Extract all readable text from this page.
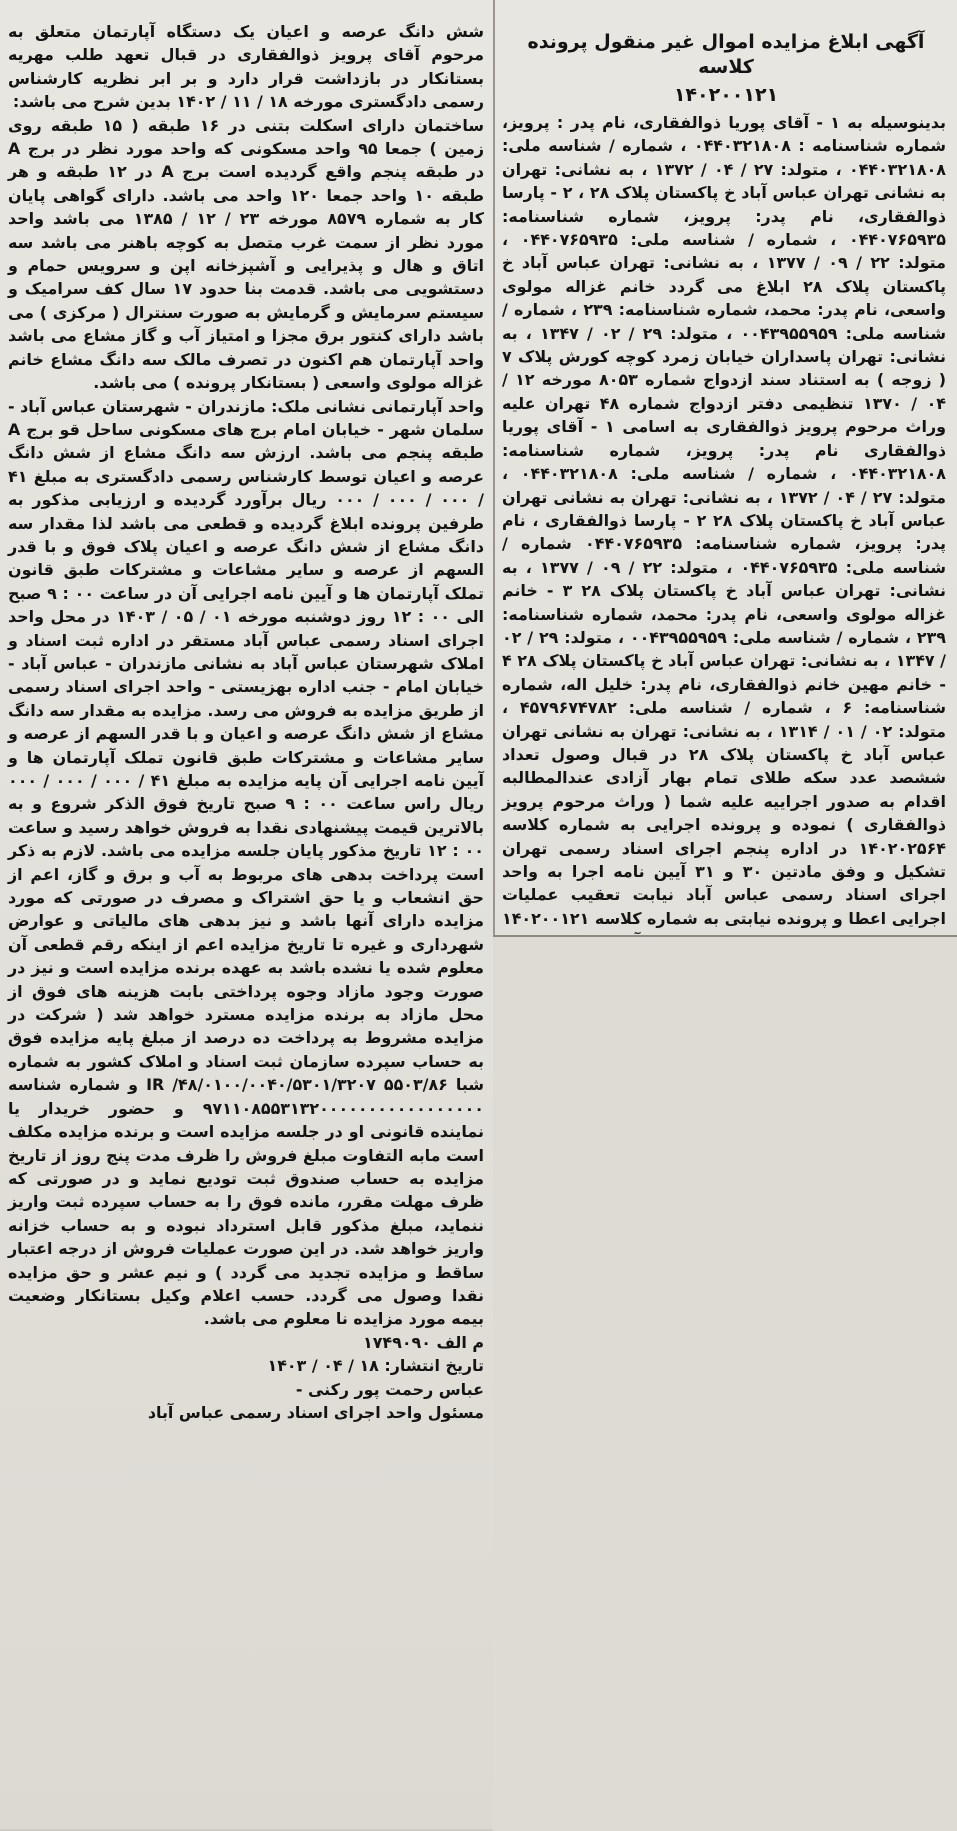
آگهی ابلاغ مزایده اموال غیر منقول پرونده کلاسه
۱۴۰۲۰۰۱۲۱

بدینوسیله به ۱ - آقای پوریا ذوالفقاری، نام پدر : پرویز، شماره شناسنامه : ۰۴۴۰۳۲۱۸۰۸ ، شماره / شناسه ملی: ۰۴۴۰۳۲۱۸۰۸ ، متولد: ۲۷ / ۰۴ / ۱۳۷۲ ، به نشانی: تهران به نشانی تهران عباس آباد خ پاکستان پلاک ۲۸ ، ۲ - پارسا ذوالفقاری، نام پدر: پرویز، شماره شناسنامه: ۰۴۴۰۷۶۵۹۳۵ ، شماره / شناسه ملی: ۰۴۴۰۷۶۵۹۳۵ ، متولد: ۲۲ / ۰۹ / ۱۳۷۷ ، به نشانی: تهران عباس آباد خ پاکستان پلاک ۲۸ ابلاغ می گردد خانم غزاله مولوی واسعی، نام پدر: محمد، شماره شناسنامه: ۲۳۹ ، شماره / شناسه ملی: ۰۰۴۳۹۵۵۹۵۹ ، متولد: ۲۹ / ۰۲ / ۱۳۴۷ ، به نشانی: تهران پاسداران خیابان زمرد کوچه کورش پلاک ۷ ( زوجه ) به استناد سند ازدواج شماره ۸۰۵۳ مورخه ۱۲ / ۰۴ / ۱۳۷۰ تنظیمی دفتر ازدواج شماره ۴۸ تهران علیه وراث مرحوم پرویز ذوالفقاری به اسامی ۱ - آقای پوریا ذوالفقاری نام پدر: پرویز، شماره شناسنامه: ۰۴۴۰۳۲۱۸۰۸ ، شماره / شناسه ملی: ۰۴۴۰۳۲۱۸۰۸ ، متولد: ۲۷ / ۰۴ / ۱۳۷۲ ، به نشانی: تهران به نشانی تهران عباس آباد خ پاکستان پلاک ۲۸ ۲ - پارسا ذوالفقاری ، نام پدر: پرویز، شماره شناسنامه: ۰۴۴۰۷۶۵۹۳۵ شماره / شناسه ملی: ۰۴۴۰۷۶۵۹۳۵ ، متولد: ۲۲ / ۰۹ / ۱۳۷۷ ، به نشانی: تهران عباس آباد خ پاکستان پلاک ۲۸ ۳ - خانم غزاله مولوی واسعی، نام پدر: محمد، شماره شناسنامه: ۲۳۹ ، شماره / شناسه ملی: ۰۰۴۳۹۵۵۹۵۹ ، متولد: ۲۹ / ۰۲ / ۱۳۴۷ ، به نشانی: تهران عباس آباد خ پاکستان پلاک ۲۸ ۴ - خانم مهین خانم ذوالفقاری، نام پدر: خلیل اله، شماره شناسنامه: ۶ ، شماره / شناسه ملی: ۴۵۷۹۶۷۴۷۸۲ ، متولد: ۰۲ / ۰۱ / ۱۳۱۴ ، به نشانی: تهران به نشانی تهران عباس آباد خ پاکستان پلاک ۲۸ در قبال وصول تعداد ششصد عدد سکه طلای تمام بهار آزادی عندالمطالبه اقدام به صدور اجراییه علیه شما ( وراث مرحوم پرویز ذوالفقاری ) نموده و پرونده اجرایی به شماره کلاسه ۱۴۰۲۰۲۵۶۴ در اداره پنجم اجرای اسناد رسمی تهران تشکیل و وفق مادتین ۳۰ و ۳۱ آیین نامه اجرا به واحد اجرای اسناد رسمی عباس آباد نیابت تعقیب عملیات اجرایی اعطا و پرونده نیابتی به شماره کلاسه ۱۴۰۲۰۰۱۲۱

شش دانگ عرصه و اعیان یک دستگاه آپارتمان متعلق به مرحوم آقای پرویز ذوالفقاری در قبال تعهد طلب مهریه بستانکار در بازداشت قرار دارد و بر ابر نظریه کارشناس رسمی دادگستری مورخه ۱۸ / ۱۱ / ۱۴۰۲ بدین شرح می باشد:

ساختمان دارای اسکلت بتنی در ۱۶ طبقه ( ۱۵ طبقه روی زمین ) جمعا ۹۵ واحد مسکونی که واحد مورد نظر در برج A در طبقه پنجم واقع گردیده است برج A در ۱۲ طبقه و هر طبقه ۱۰ واحد جمعا ۱۲۰ واحد می باشد. دارای گواهی پایان کار به شماره ۸۵۷۹ مورخه ۲۳ / ۱۲ / ۱۳۸۵ می باشد واحد مورد نظر از سمت غرب متصل به کوچه باهنر می باشد سه اتاق و هال و پذیرایی و آشپزخانه اپن و سرویس حمام و دستشویی می باشد. قدمت بنا حدود ۱۷ سال کف سرامیک و سیستم سرمایش و گرمایش به صورت سنترال ( مرکزی ) می باشد دارای کنتور برق مجزا و امتیاز آب و گاز مشاع می باشد واحد آپارتمان هم اکنون در تصرف مالک سه دانگ مشاع خانم غزاله مولوی واسعی ( بستانکار پرونده ) می باشد.

واحد آپارتمانی نشانی ملک: مازندران - شهرستان عباس آباد - سلمان شهر - خیابان امام برج های مسکونی ساحل قو برج A طبقه پنجم می باشد. ارزش سه دانگ مشاع از شش دانگ عرصه و اعیان توسط کارشناس رسمی دادگستری به مبلغ ۴۱ / ۰۰۰ / ۰۰۰ / ۰۰۰ ریال برآورد گردیده و ارزیابی مذکور به طرفین پرونده ابلاغ گردیده و قطعی می باشد لذا مقدار سه دانگ مشاع از شش دانگ عرصه و اعیان پلاک فوق و با قدر السهم از عرصه و سایر مشاعات و مشترکات طبق قانون تملک آپارتمان ها و آیین نامه اجرایی آن در ساعت ۰۰ : ۹ صبح الی ۰۰ : ۱۲ روز دوشنبه مورخه ۰۱ / ۰۵ / ۱۴۰۳ در محل واحد اجرای اسناد رسمی عباس آباد مستقر در اداره ثبت اسناد و املاک شهرستان عباس آباد به نشانی مازندران - عباس آباد - خیابان امام - جنب اداره بهزیستی - واحد اجرای اسناد رسمی از طریق مزایده به فروش می رسد. مزایده به مقدار سه دانگ مشاع از شش دانگ عرصه و اعیان و با قدر السهم از عرصه و سایر مشاعات و مشترکات طبق قانون تملک آپارتمان ها و آیین نامه اجرایی آن پایه مزایده به مبلغ ۴۱ / ۰۰۰ / ۰۰۰ / ۰۰۰ ریال راس ساعت ۰۰ : ۹ صبح تاریخ فوق الذکر شروع و به بالاترین قیمت پیشنهادی نقدا به فروش خواهد رسید و ساعت ۰۰ : ۱۲ تاریخ مذکور پایان جلسه مزایده می باشد. لازم به ذکر است پرداخت بدهی های مربوط به آب و برق و گاز، اعم از حق انشعاب و یا حق اشتراک و مصرف در صورتی که مورد مزایده دارای آنها باشد و نیز بدهی های مالیاتی و عوارض شهرداری و غیره تا تاریخ مزایده اعم از اینکه رقم قطعی آن معلوم شده یا نشده باشد به عهده برنده مزایده است و نیز در صورت وجود مازاد وجوه پرداختی بابت هزینه های فوق از محل مازاد به برنده مزایده مسترد خواهد شد ( شرکت در مزایده مشروط به پرداخت ده درصد از مبلغ پایه مزایده فوق به حساب سپرده سازمان ثبت اسناد و املاک کشور به شماره شبا ۵۵۰۳/۸۶ ۴۸/۰۱۰۰/۰۰۴۰/۵۳۰۱/۳۲۰۷/ IR و شماره شناسه ۹۷۱۱۰۸۵۵۳۱۳۲۰۰۰۰۰۰۰۰۰۰۰۰۰۰۰۰۰ و حضور خریدار یا نماینده قانونی او در جلسه مزایده است و برنده مزایده مکلف است مابه التفاوت مبلغ فروش را ظرف مدت پنج روز از تاریخ مزایده به حساب صندوق ثبت تودیع نماید و در صورتی که ظرف مهلت مقرر، مانده فوق را به حساب سپرده ثبت واریز ننماید، مبلغ مذکور قابل استرداد نبوده و به حساب خزانه واریز خواهد شد. در این صورت عملیات فروش از درجه اعتبار ساقط و مزایده تجدید می گردد ) و نیم عشر و حق مزایده نقدا وصول می گردد. حسب اعلام وکیل بستانکار وضعیت بیمه مورد مزایده نا معلوم می باشد.

م الف ۱۷۴۹۰۹۰

تاریخ انتشار: ۱۸ / ۰۴ / ۱۴۰۳

عباس رحمت پور رکنی -

مسئول واحد اجرای اسناد رسمی عباس آباد
